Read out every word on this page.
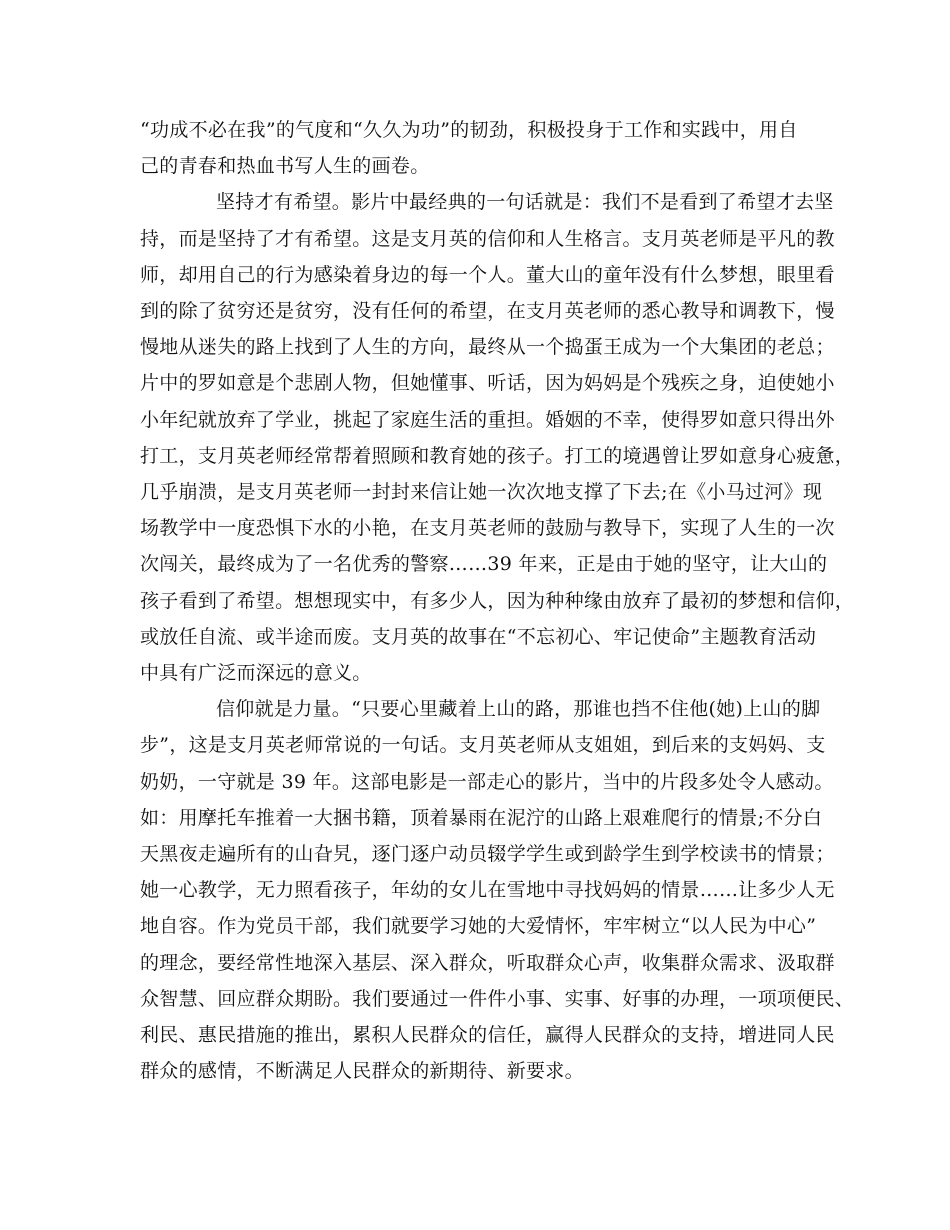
“功成不必在我”的气度和“久久为功”的韧劲，积极投身于工作和实践中，用自
己的青春和热血书写人生的画卷。
坚持才有希望。影片中最经典的一句话就是：我们不是看到了希望才去坚
持，而是坚持了才有希望。这是支月英的信仰和人生格言。支月英老师是平凡的教
师，却用自己的行为感染着身边的每一个人。董大山的童年没有什么梦想，眼里看
到的除了贫穷还是贫穷，没有任何的希望，在支月英老师的悉心教导和调教下，慢
慢地从迷失的路上找到了人生的方向，最终从一个捣蛋王成为一个大集团的老总；
片中的罗如意是个悲剧人物，但她懂事、听话，因为妈妈是个残疾之身，迫使她小
小年纪就放弃了学业，挑起了家庭生活的重担。婚姻的不幸，使得罗如意只得出外
打工，支月英老师经常帮着照顾和教育她的孩子。打工的境遇曾让罗如意身心疲惫，
几乎崩溃，是支月英老师一封封来信让她一次次地支撑了下去;在《小马过河》现
场教学中一度恐惧下水的小艳，在支月英老师的鼓励与教导下，实现了人生的一次
次闯关，最终成为了一名优秀的警察……39 年来，正是由于她的坚守，让大山的
孩子看到了希望。想想现实中，有多少人，因为种种缘由放弃了最初的梦想和信仰，
或放任自流、或半途而废。支月英的故事在“不忘初心、牢记使命”主题教育活动
中具有广泛而深远的意义。
信仰就是力量。“只要心里藏着上山的路，那谁也挡不住他(她)上山的脚
步”，这是支月英老师常说的一句话。支月英老师从支姐姐，到后来的支妈妈、支
奶奶，一守就是 39 年。这部电影是一部走心的影片，当中的片段多处令人感动。
如：用摩托车推着一大捆书籍，顶着暴雨在泥泞的山路上艰难爬行的情景;不分白
天黑夜走遍所有的山旮旯，逐门逐户动员辍学学生或到龄学生到学校读书的情景；
她一心教学，无力照看孩子，年幼的女儿在雪地中寻找妈妈的情景……让多少人无
地自容。作为党员干部，我们就要学习她的大爱情怀，牢牢树立“以人民为中心”
的理念，要经常性地深入基层、深入群众，听取群众心声，收集群众需求、汲取群
众智慧、回应群众期盼。我们要通过一件件小事、实事、好事的办理，一项项便民、
利民、惠民措施的推出，累积人民群众的信任，赢得人民群众的支持，增进同人民
群众的感情，不断满足人民群众的新期待、新要求。
